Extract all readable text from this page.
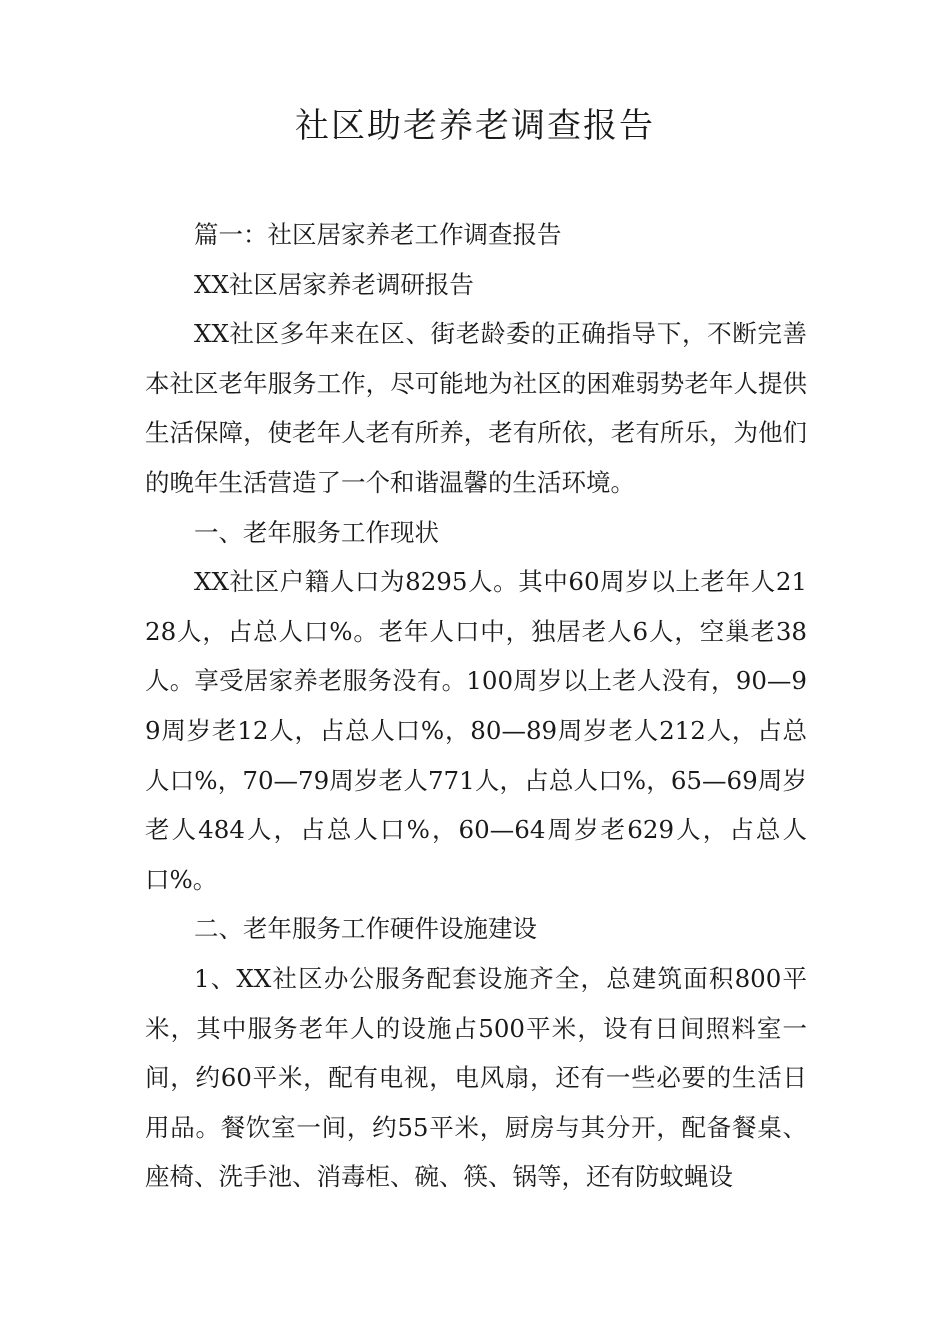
社区助老养老调查报告

篇一：社区居家养老工作调查报告

XX社区居家养老调研报告

XX社区多年来在区、街老龄委的正确指导下，不断完善本社区老年服务工作，尽可能地为社区的困难弱势老年人提供生活保障，使老年人老有所养，老有所依，老有所乐，为他们的晚年生活营造了一个和谐温馨的生活环境。

一、老年服务工作现状

XX社区户籍人口为8295人。其中60周岁以上老年人2128人，占总人口%。老年人口中，独居老人6人，空巢老38人。享受居家养老服务没有。100周岁以上老人没有，90—99周岁老12人，占总人口%，80—89周岁老人212人，占总人口%，70—79周岁老人771人，占总人口%，65—69周岁老人484人，占总人口%，60—64周岁老629人，占总人口%。

二、老年服务工作硬件设施建设

1、XX社区办公服务配套设施齐全，总建筑面积800平米，其中服务老年人的设施占500平米，设有日间照料室一间，约60平米，配有电视，电风扇，还有一些必要的生活日用品。餐饮室一间，约55平米，厨房与其分开，配备餐桌、座椅、洗手池、消毒柜、碗、筷、锅等，还有防蚊蝇设
